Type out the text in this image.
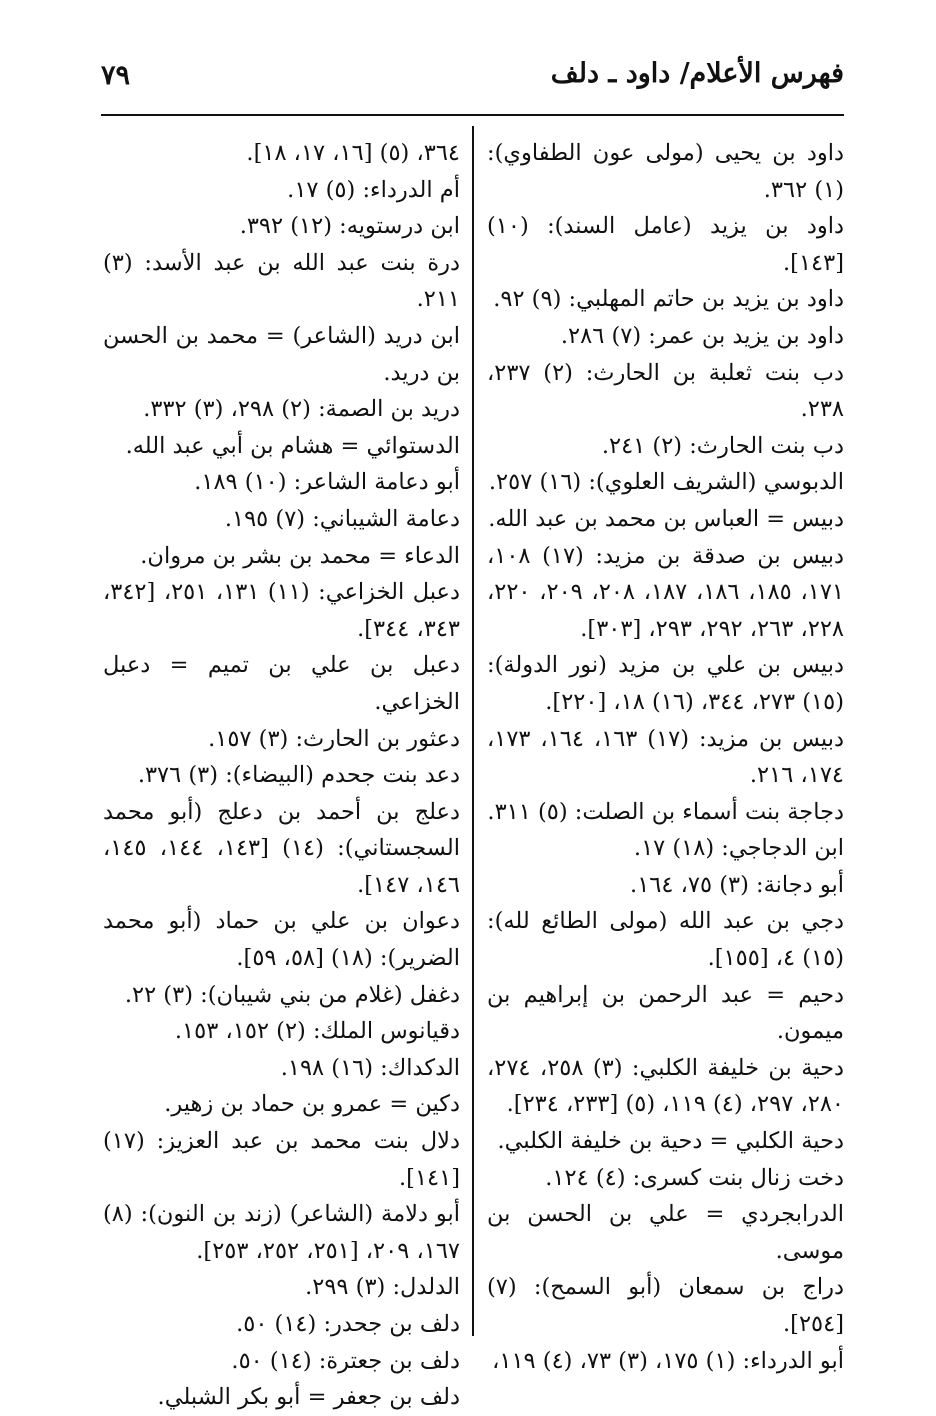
فهرس الأعلام/ داود ـ دلف
٧٩

داود بن يحيى (مولى عون الطفاوي): (١) ٣٦٢.

داود بن يزيد (عامل السند): (١٠) [١٤٣].

داود بن يزيد بن حاتم المهلبي: (٩) ٩٢.

داود بن يزيد بن عمر: (٧) ٢٨٦.

دب بنت ثعلبة بن الحارث: (٢) ٢٣٧، ٢٣٨.

دب بنت الحارث: (٢) ٢٤١.

الدبوسي (الشريف العلوي): (١٦) ٢٥٧.

دبيس = العباس بن محمد بن عبد الله.

دبيس بن صدقة بن مزيد: (١٧) ١٠٨، ١٧١، ١٨٥، ١٨٦، ١٨٧، ٢٠٨، ٢٠٩، ٢٢٠، ٢٢٨، ٢٦٣، ٢٩٢، ٢٩٣، [٣٠٣].

دبيس بن علي بن مزيد (نور الدولة): (١٥) ٢٧٣، ٣٤٤، (١٦) ١٨، [٢٢٠].

دبيس بن مزيد: (١٧) ١٦٣، ١٦٤، ١٧٣، ١٧٤، ٢١٦.

دجاجة بنت أسماء بن الصلت: (٥) ٣١١.

ابن الدجاجي: (١٨) ١٧.

أبو دجانة: (٣) ٧٥، ١٦٤.

دجي بن عبد الله (مولى الطائع لله): (١٥) ٤، [١٥٥].

دحيم = عبد الرحمن بن إبراهيم بن ميمون.

دحية بن خليفة الكلبي: (٣) ٢٥٨، ٢٧٤، ٢٨٠، ٢٩٧، (٤) ١١٩، (٥) [٢٣٣، ٢٣٤].

دحية الكلبي = دحية بن خليفة الكلبي.

دخت زنال بنت كسرى: (٤) ١٢٤.

الدرابجردي = علي بن الحسن بن موسى.

دراج بن سمعان (أبو السمح): (٧) [٢٥٤].

أبو الدرداء: (١) ١٧٥، (٣) ٧٣، (٤) ١١٩،

٣٦٤، (٥) [١٦، ١٧، ١٨].

أم الدرداء: (٥) ١٧.

ابن درستويه: (١٢) ٣٩٢.

درة بنت عبد الله بن عبد الأسد: (٣) ٢١١.

ابن دريد (الشاعر) = محمد بن الحسن بن دريد.

دريد بن الصمة: (٢) ٢٩٨، (٣) ٣٣٢.

الدستوائي = هشام بن أبي عبد الله.

أبو دعامة الشاعر: (١٠) ١٨٩.

دعامة الشيباني: (٧) ١٩٥.

الدعاء = محمد بن بشر بن مروان.

دعبل الخزاعي: (١١) ١٣١، ٢٥١، [٣٤٢، ٣٤٣، ٣٤٤].

دعبل بن علي بن تميم = دعبل الخزاعي.

دعثور بن الحارث: (٣) ١٥٧.

دعد بنت جحدم (البيضاء): (٣) ٣٧٦.

دعلج بن أحمد بن دعلج (أبو محمد السجستاني): (١٤) [١٤٣، ١٤٤، ١٤٥، ١٤٦، ١٤٧].

دعوان بن علي بن حماد (أبو محمد الضرير): (١٨) [٥٨، ٥٩].

دغفل (غلام من بني شيبان): (٣) ٢٢.

دقيانوس الملك: (٢) ١٥٢، ١٥٣.

الدكداك: (١٦) ١٩٨.

دكين = عمرو بن حماد بن زهير.

دلال بنت محمد بن عبد العزيز: (١٧) [١٤١].

أبو دلامة (الشاعر) (زند بن النون): (٨) ١٦٧، ٢٠٩، [٢٥١، ٢٥٢، ٢٥٣].

الدلدل: (٣) ٢٩٩.

دلف بن جحدر: (١٤) ٥٠.

دلف بن جعترة: (١٤) ٥٠.

دلف بن جعفر = أبو بكر الشبلي.
